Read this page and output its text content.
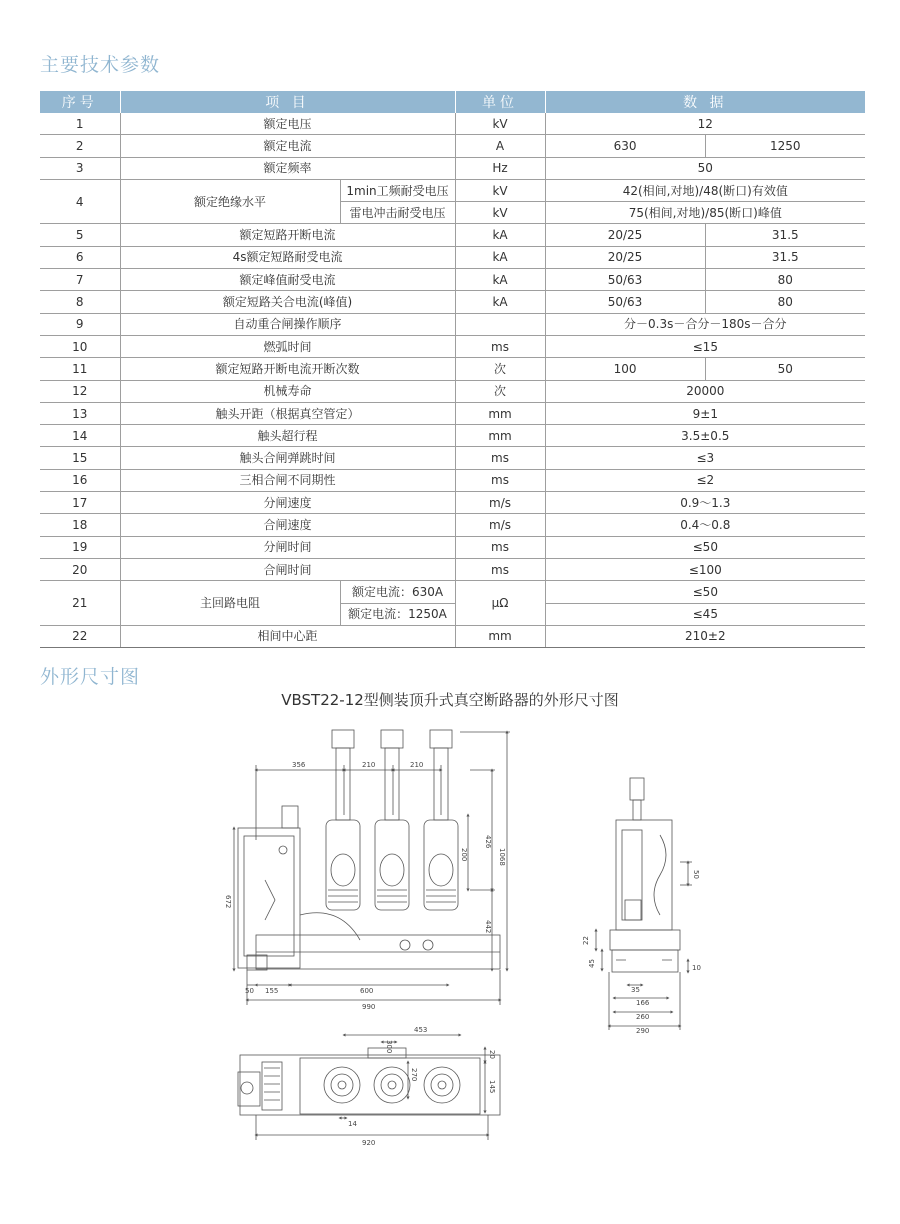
主要技术参数
序号	项 目		单位	数 据	
1	额定电压		kV	12	
2	额定电流		A	630	1250
3	额定频率		Hz	50	
4	额定绝缘水平	1min工频耐受电压	kV	42(相间,对地)/48(断口)有效值	
		雷电冲击耐受电压	kV	75(相间,对地)/85(断口)峰值	
5	额定短路开断电流		kA	20/25	31.5
6	4s额定短路耐受电流		kA	20/25	31.5
7	额定峰值耐受电流		kA	50/63	80
8	额定短路关合电流(峰值)		kA	50/63	80
9	自动重合闸操作顺序			分－0.3s－合分－180s－合分	
10	燃弧时间		ms	≤15	
11	额定短路开断电流开断次数		次	100	50
12	机械寿命		次	20000	
13	触头开距（根据真空管定）		mm	9±1	
14	触头超行程		mm	3.5±0.5	
15	触头合闸弹跳时间		ms	≤3	
16	三相合闸不同期性		ms	≤2	
17	分闸速度		m/s	0.9～1.3	
18	合闸速度		m/s	0.4～0.8	
19	分闸时间		ms	≤50	
20	合闸时间		ms	≤100	
21	主回路电阻	额定电流：630A	μΩ	≤50	
		额定电流：1250A		≤45	
22	相间中心距		mm	210±2	
外形尺寸图
VBST22-12型侧装顶升式真空断路器的外形尺寸图
356	210	210
426
200	1068
672
442
50 155	600
990
50
22
45	10
35
166
260
290
453
300
270
20
145
14
920
